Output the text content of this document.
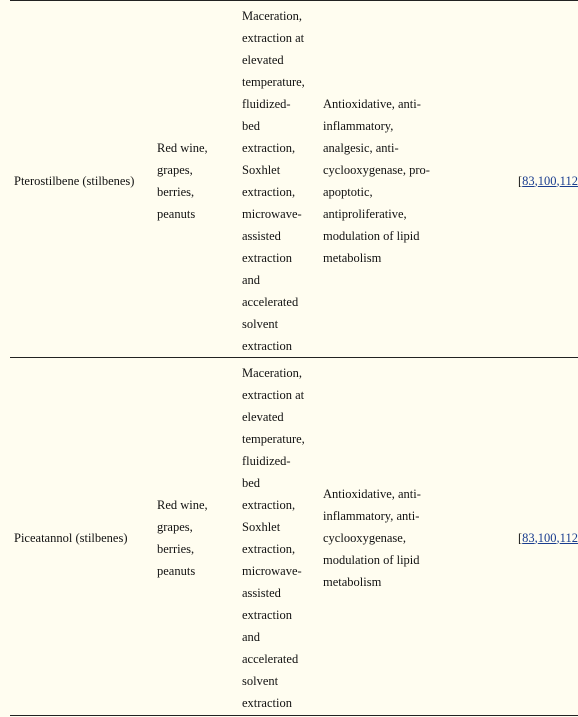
Pterostilbene (stilbenes)
Red wine,
grapes,
berries,
peanuts
Maceration,
extraction at
elevated
temperature,
fluidized-
bed
extraction,
Soxhlet
extraction,
microwave-
assisted
extraction
and
accelerated
solvent
extraction
Antioxidative, anti-
inflammatory,
analgesic, anti-
cyclooxygenase, pro-
apoptotic,
antiproliferative,
modulation of lipid
metabolism
[83,100,112
Piceatannol (stilbenes)
Red wine,
grapes,
berries,
peanuts
Maceration,
extraction at
elevated
temperature,
fluidized-
bed
extraction,
Soxhlet
extraction,
microwave-
assisted
extraction
and
accelerated
solvent
extraction
Antioxidative, anti-
inflammatory, anti-
cyclooxygenase,
modulation of lipid
metabolism
[83,100,112
